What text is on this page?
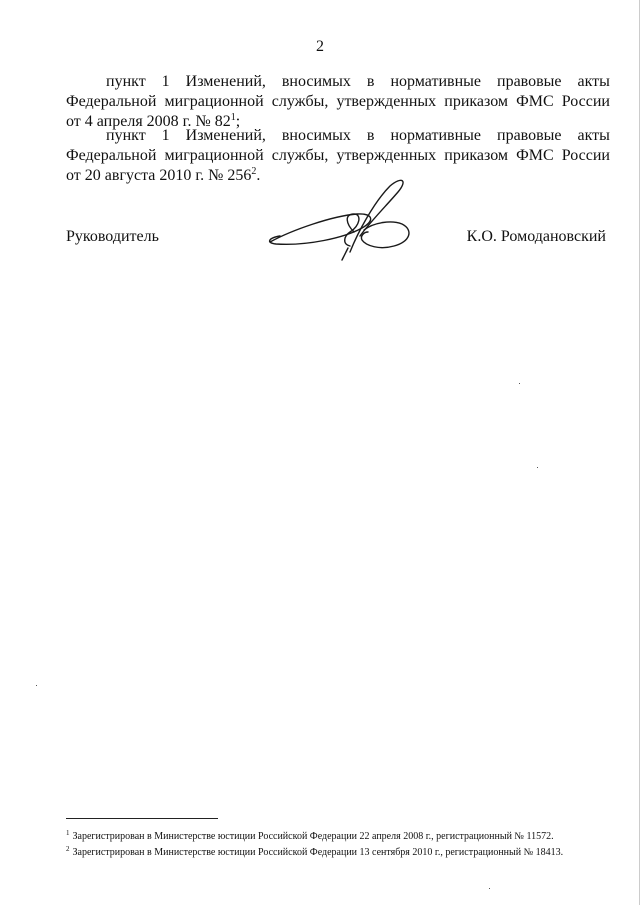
2
пункт 1 Изменений, вносимых в нормативные правовые акты
Федеральной миграционной службы, утвержденных приказом ФМС России
от 4 апреля 2008 г. № $82^1$;
пункт 1 Изменений, вносимых в нормативные правовые акты
Федеральной миграционной службы, утвержденных приказом ФМС России
от 20 августа 2010 г. № $256^2$.
Руководитель	К.О. Ромодановский
$^1$ Зарегистрирован в Министерстве юстиции Российской Федерации 22 апреля 2008 г., регистрационный № 11572.
$^2$ Зарегистрирован в Министерстве юстиции Российской Федерации 13 сентября 2010 г., регистрационный № 18413.
